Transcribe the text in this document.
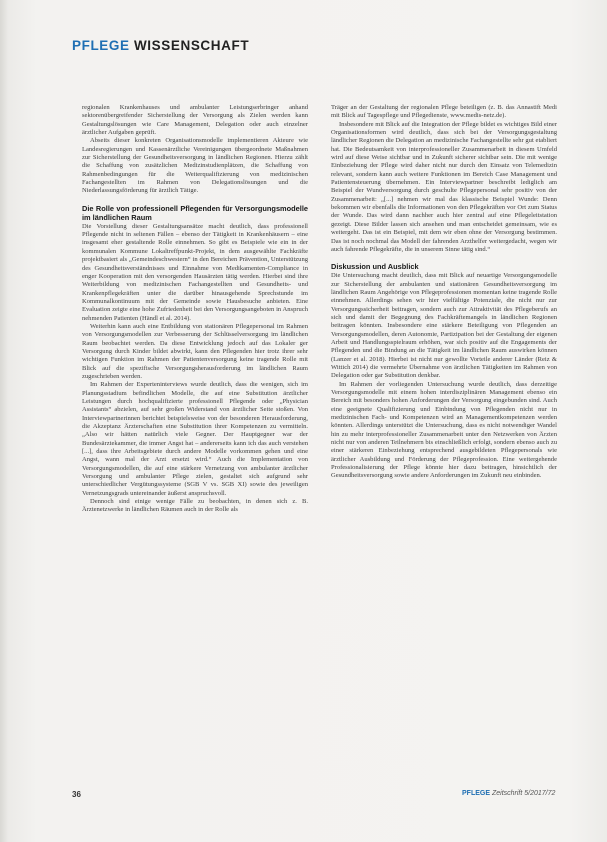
PFLEGE WISSENSCHAFT

regionalen Krankenhauses und ambulanter Leistungserbringer anhand sektorenübergreifender Sicherstellung der Versorgung als Zielen werden kann Gestaltungslösungen wie Care Management, Delegation oder auch einzelner ärztlicher Aufgaben geprüft.

Abseits dieser konkreten Organisationsmodelle implementieren Akteure wie Landesregierungen und Kassenärztliche Vereinigungen übergeordnete Maßnahmen zur Sicherstellung der Gesundheitsversorgung in ländlichen Regionen. Hierzu zählt die Schaffung von zusätzlichen Medizinstudienplätzen, die Schaffung von Rahmenbedingungen für die Weiterqualifizierung von medizinischen Fachangestellten im Rahmen von Delegationslösungen und die Niederlassungsförderung für ärztlich Tätige.

Die Rolle von professionell Pflegenden für Versorgungsmodelle im ländlichen Raum

Die Vorstellung dieser Gestaltungsansätze macht deutlich, dass professionell Pflegende nicht in seltenen Fällen – ebenso der Tätigkeit in Krankenhäusern – eine insgesamt eher gestaltende Rolle einnehmen. So gibt es Beispiele wie ein in der kommunalen Kommune Lokaltreffpunkt-Projekt, in dem ausgewählte Fachkräfte projektbasiert als „Gemeindeschwestern“ in den Bereichen Prävention, Unterstützung des Gesundheitsverständnisses und Einnahme von Medikamenten-Compliance in enger Kooperation mit den versorgenden Hausärzten tätig werden. Hierbei sind ihre Weiterbildung von medizinischen Fachangestellten und Gesundheits- und Krankenpflegekräften unter die darüber hinausgehende Sprechstunde im Kommunalkontinuum mit der Gemeinde sowie Hausbesuche anbieten. Eine Evaluation zeigte eine hohe Zufriedenheit bei den Versorgungsangeboten in Anspruch nehmenden Patienten (Händl et al. 2014).

Weiterhin kann auch eine Entbildung von stationären Pflegepersonal im Rahmen von Versorgungsmodellen zur Verbesserung der Schlüsselversorgung im ländlichen Raum beobachtet werden. Da diese Entwicklung jedoch auf das Lokaler ger Versorgung durch Kinder bildet abwirkt, kann den Pflegenden hier trotz ihrer sehr wichtigen Funktion im Rahmen der Patientenversorgung keine tragende Rolle mit Blick auf die spezifische Versorgungsherausforderung im ländlichen Raum zugeschrieben werden.

Im Rahmen der Experteninterviews wurde deutlich, dass die wenigen, sich im Planungsstadium befindlichen Modelle, die auf eine Substitution ärztlicher Leistungen durch hochqualifizierte professionell Pflegende oder „Physician Assistants“ abzielen, auf sehr großen Widerstand von ärztlicher Seite stoßen. Von Interviewpartnerinnen berichtet beispielsweise von der besonderen Herausforderung, die Akzeptanz Ärzterschaften eine Substitution ihrer Kompetenzen zu vermitteln. „Also wir hätten natürlich viele Gegner. Der Hauptgegner war der Bundesärztekammer, die immer Angst hat – andererseits kann ich das auch verstehen [...], dass ihre Arbeitsgebiete durch andere Modelle vorkommen gehen und eine Angst, wann mal der Arzt ersetzt wird.“ Auch die Implementation von Versorgungsmodellen, die auf eine stärkere Vernetzung von ambulanter ärztlicher Versorgung und ambulanter Pflege zielen, gestaltet sich aufgrund sehr unterschiedlicher Vergütungssysteme (SGB V vs. SGB XI) sowie des jeweiligen Vernetzungsgrads untereinander äußerst anspruchsvoll.

Dennoch sind einige wenige Fälle zu beobachten, in denen sich z. B. Ärztenetzwerke in ländlichen Räumen auch in der Rolle als

Träger an der Gestaltung der regionalen Pflege beteiligen (z. B. das Annastift Medi mit Blick auf Tagespflege und Pflegedienste, www.medis-netz.de).

Insbesondere mit Blick auf die Integration der Pflege bildet es wichtiges Bild einer Organisationsformen wird deutlich, dass sich bei der Versorgungsgestaltung ländlicher Regionen die Delegation an medizinische Fachangestellte sehr gut etabliert hat. Die Bedeutsamkeit von interprofessioneller Zusammenarbeit in diesem Umfeld wird auf diese Weise sichtbar und in Zukunft sicherer sichtbar sein. Die mit wenige Einbeziehung der Pflege wird daher nicht nur durch den Einsatz von Telemedizin relevant, sondern kann auch weitere Funktionen im Bereich Case Management und Patientensteuerung übernehmen. Ein Interviewpartner beschreibt lediglich am Beispiel der Wundversorgung durch geschulte Pflegepersonal sehr positiv von der Zusammenarbeit: „[...] nehmen wir mal das klassische Beispiel Wunde: Denn bekommen wir ebenfalls die Informationen von den Pflegekräften vor Ort zum Status der Wunde. Das wird dann nachher auch hier zentral auf eine Pflegeleitstation gezeigt. Diese Bilder lassen sich ansehen und man entscheidet gemeinsam, wie es weitergeht. Das ist ein Beispiel, mit dem wir eben ohne der Versorgung bestimmen. Das ist noch nochmal das Modell der fahrenden Arzthelfer weitergedacht, wegen wir auch fahrende Pflegekräfte, die in unserem Sinne tätig sind.“

Diskussion und Ausblick

Die Untersuchung macht deutlich, dass mit Blick auf neuartige Versorgungsmodelle zur Sicherstellung der ambulanten und stationären Gesundheitsversorgung im ländlichen Raum Angehörige von Pflegeprofessionen momentan keine tragende Rolle einnehmen. Allerdings sehen wir hier vielfältige Potenziale, die nicht nur zur Versorgungssicherheit beitragen, sondern auch zur Attraktivität des Pflegeberufs an sich und damit der Begegnung des Fachkräftemangels in ländlichen Regionen beitragen könnten. Insbesondere eine stärkere Beteiligung von Pflegenden an Versorgungsmodellen, deren Autonomie, Partizipation bei der Gestaltung der eigenen Arbeit und Handlungsspielraum erhöhen, war sich positiv auf die Engagements der Pflegenden und die Bindung an die Tätigkeit im ländlichen Raum auswirken können (Lanzer et al. 2018). Hierbei ist nicht nur gewollte Vorteile anderer Länder (Reiz & Wittich 2014) die vermehrte Übernahme von ärztlichen Tätigkeiten im Rahmen von Delegation oder gar Substitution denkbar.

Im Rahmen der vorliegenden Untersuchung wurde deutlich, dass derzeitige Versorgungsmodelle mit einem hohen interdisziplinären Management ebenso ein Bereich mit besonders hohen Anforderungen der Versorgung eingebunden sind. Auch eine geeignete Qualifizierung und Einbindung von Pflegenden nicht nur in medizinischen Fach- und Kompetenzen wird an Managementkompetenzen werden könnten. Allerdings unterstützt die Untersuchung, dass es nicht notwendiger Wandel hin zu mehr interprofessioneller Zusammenarbeit unter den Netzwerken von Ärzten nicht nur von anderen Teilnehmern bis einschließlich erfolgt, sondern ebenso auch zu einer stärkeren Einbeziehung entsprechend ausgebildeten Pflegepersonals wie ärztlicher Ausbildung und Förderung der Pflegeprofession. Eine weitergehende Professionalisierung der Pflege könnte hier dazu beitragen, hinsichtlich der Gesundheitsversorgung sowie andere Anforderungen im Zukunft neu einbinden.

36	PFLEGE Zeitschrift 5/2017/72
